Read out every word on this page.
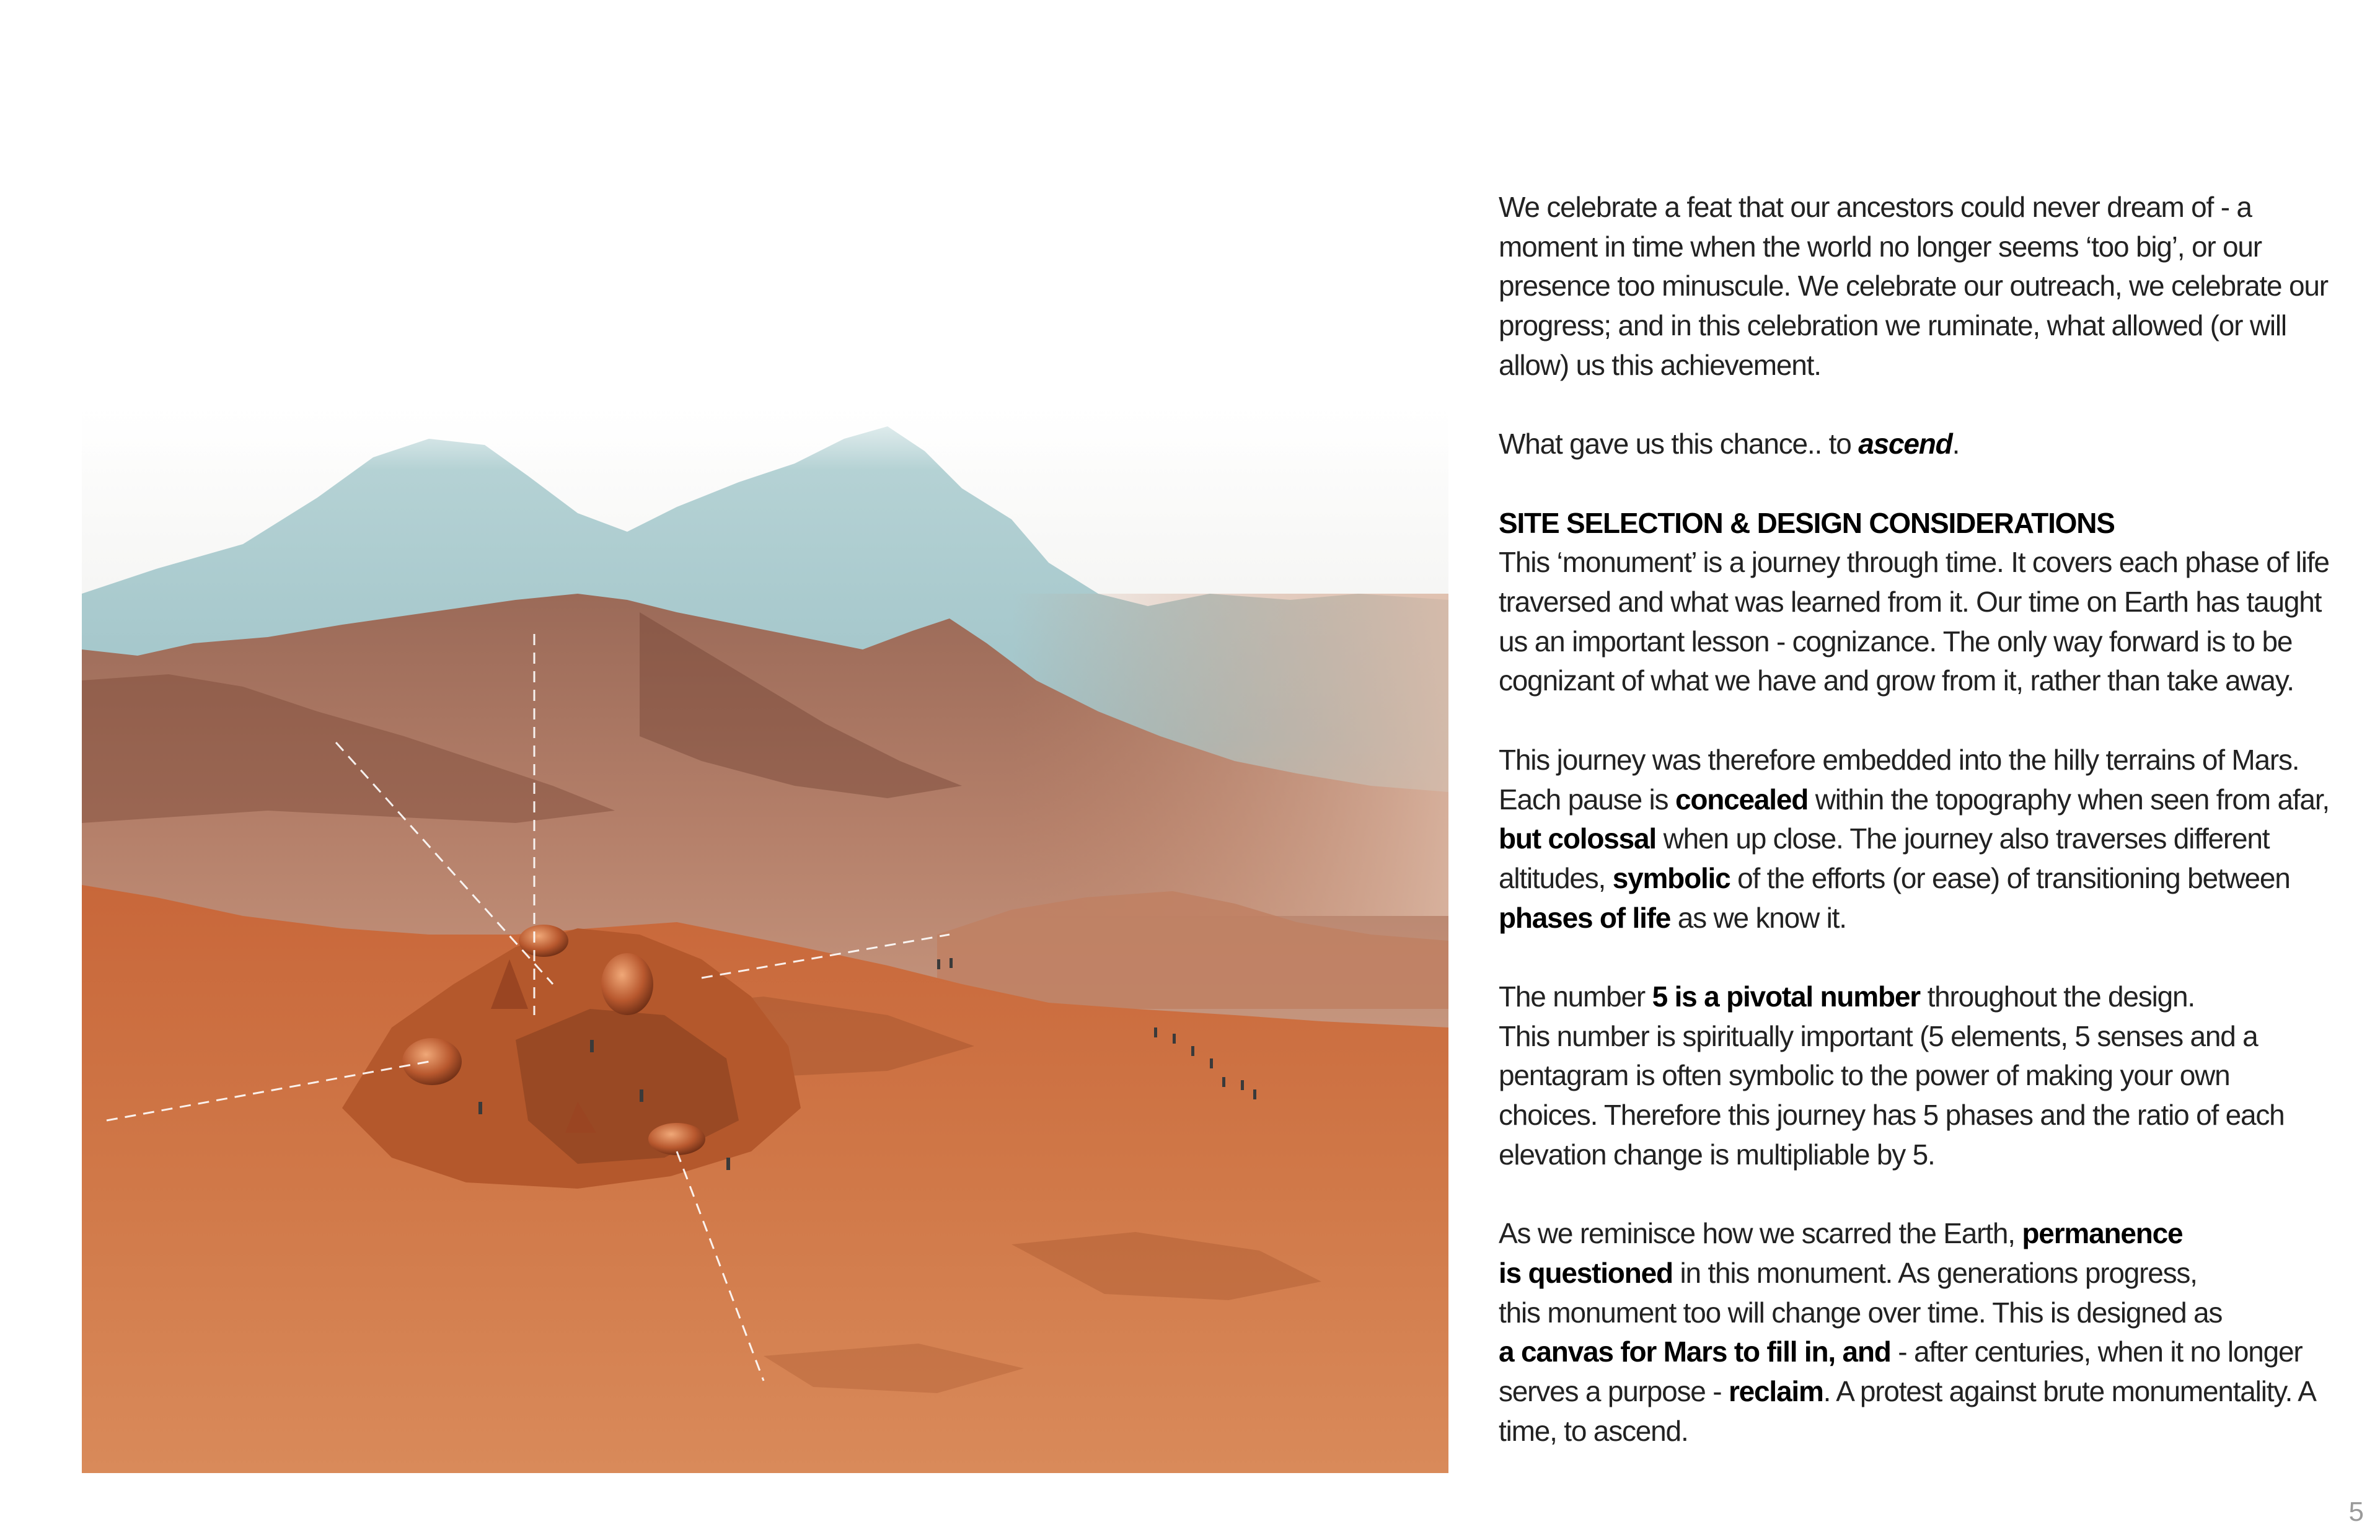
We celebrate a feat that our ancestors could never dream of - a moment in time when the world no longer seems ‘too big’, or our presence too minuscule. We celebrate our outreach, we celebrate our progress; and in this celebration we ruminate, what allowed (or will allow) us this achievement.

What gave us this chance.. to ascend.

SITE SELECTION & DESIGN CONSIDERATIONS

This ‘monument’ is a journey through time. It covers each phase of life traversed and what was learned from it. Our time on Earth has taught us an important lesson - cognizance. The only way forward is to be cognizant of what we have and grow from it, rather than take away.

This journey was therefore embedded into the hilly terrains of Mars. Each pause is concealed within the topography when seen from afar, but colossal when up close. The journey also traverses different altitudes, symbolic of the efforts (or ease) of transitioning between phases of life as we know it.

The number 5 is a pivotal number throughout the design.

This number is spiritually important (5 elements, 5 senses and a pentagram is often symbolic to the power of making your own choices. Therefore this journey has 5 phases and the ratio of each elevation change is multipliable by 5.

As we reminisce how we scarred the Earth, permanence

is questioned in this monument. As generations progress,

this monument too will change over time. This is designed as

a canvas for Mars to fill in, and - after centuries, when it no longer serves a purpose - reclaim. A protest against brute monumentality. A time, to ascend.

5
